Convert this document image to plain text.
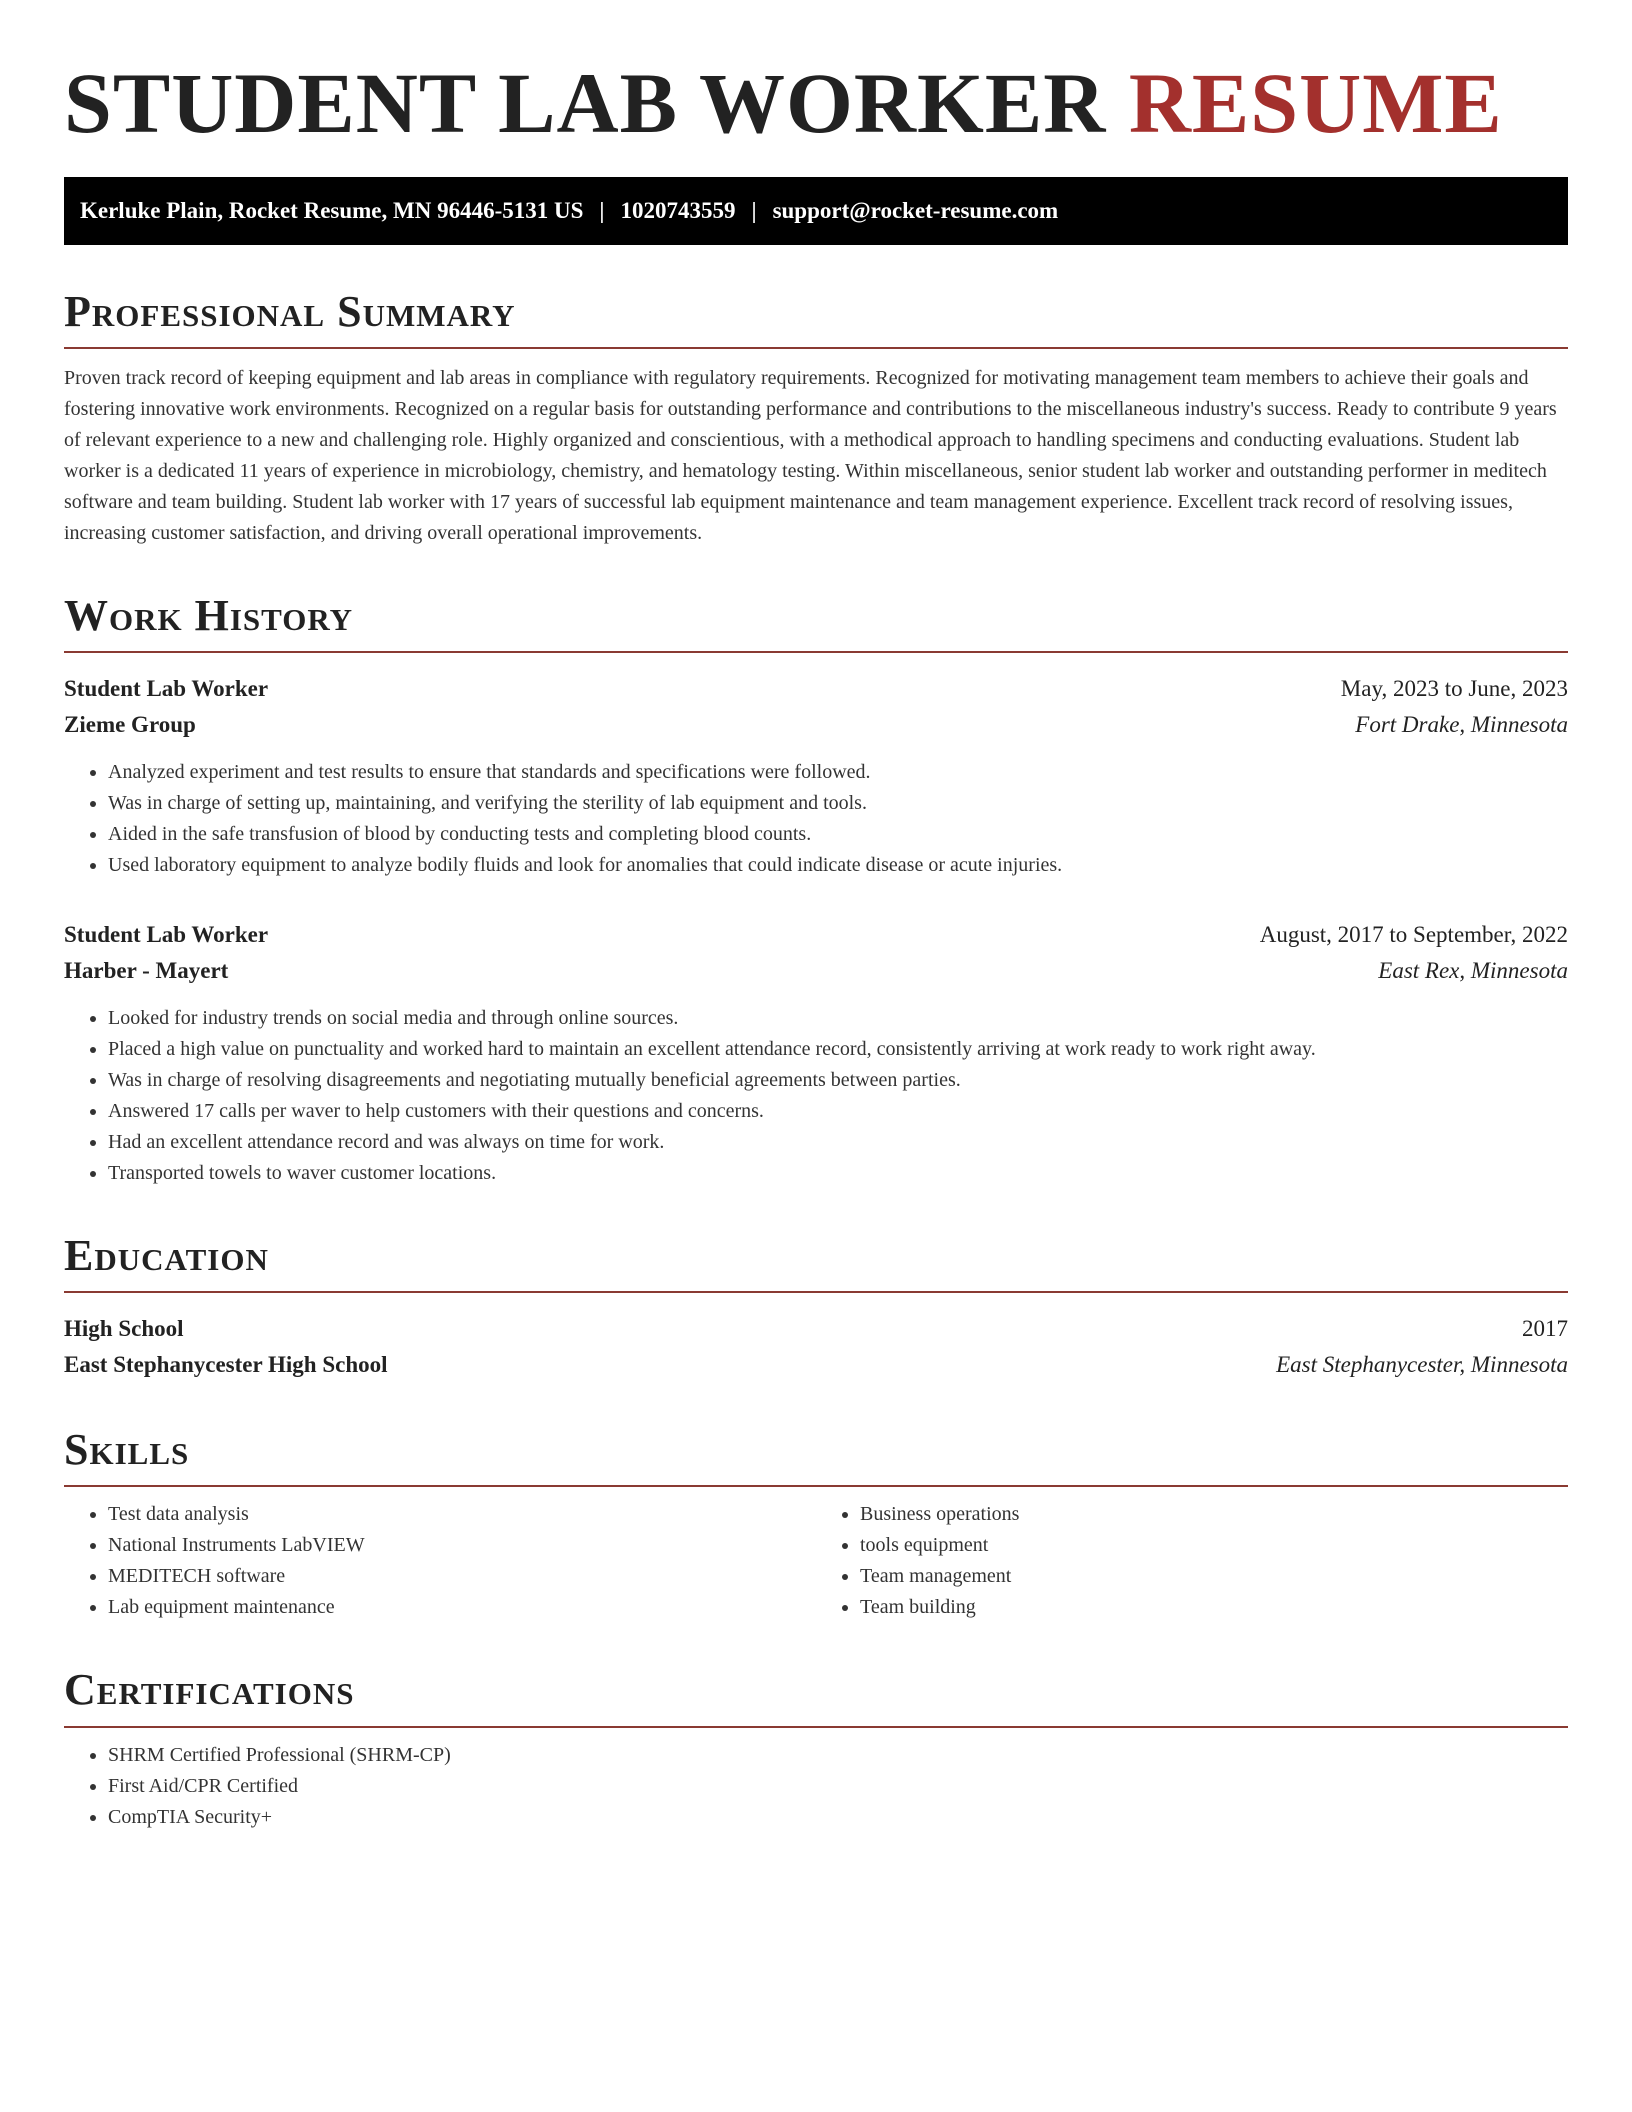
STUDENT LAB WORKER RESUME
Kerluke Plain, Rocket Resume, MN 96446-5131 US | 1020743559 | support@rocket-resume.com
Professional Summary

Proven track record of keeping equipment and lab areas in compliance with regulatory requirements. Recognized for motivating management team members to achieve their goals and fostering innovative work environments. Recognized on a regular basis for outstanding performance and contributions to the miscellaneous industry's success. Ready to contribute 9 years of relevant experience to a new and challenging role. Highly organized and conscientious, with a methodical approach to handling specimens and conducting evaluations. Student lab worker is a dedicated 11 years of experience in microbiology, chemistry, and hematology testing. Within miscellaneous, senior student lab worker and outstanding performer in meditech software and team building. Student lab worker with 17 years of successful lab equipment maintenance and team management experience. Excellent track record of resolving issues, increasing customer satisfaction, and driving overall operational improvements.

Work History
Student Lab Worker	May, 2023 to June, 2023
Zieme Group	Fort Drake, Minnesota
• Analyzed experiment and test results to ensure that standards and specifications were followed.
• Was in charge of setting up, maintaining, and verifying the sterility of lab equipment and tools.
• Aided in the safe transfusion of blood by conducting tests and completing blood counts.
• Used laboratory equipment to analyze bodily fluids and look for anomalies that could indicate disease or acute injuries.
Student Lab Worker	August, 2017 to September, 2022
Harber - Mayert	East Rex, Minnesota
• Looked for industry trends on social media and through online sources.
• Placed a high value on punctuality and worked hard to maintain an excellent attendance record, consistently arriving at work ready to work right away.
• Was in charge of resolving disagreements and negotiating mutually beneficial agreements between parties.
• Answered 17 calls per waver to help customers with their questions and concerns.
• Had an excellent attendance record and was always on time for work.
• Transported towels to waver customer locations.
Education
High School	2017
East Stephanycester High School	East Stephanycester, Minnesota
Skills
• Test data analysis
• National Instruments LabVIEW
• MEDITECH software
• Lab equipment maintenance
• Business operations
• tools equipment
• Team management
• Team building
Certifications
• SHRM Certified Professional (SHRM-CP)
• First Aid/CPR Certified
• CompTIA Security+
